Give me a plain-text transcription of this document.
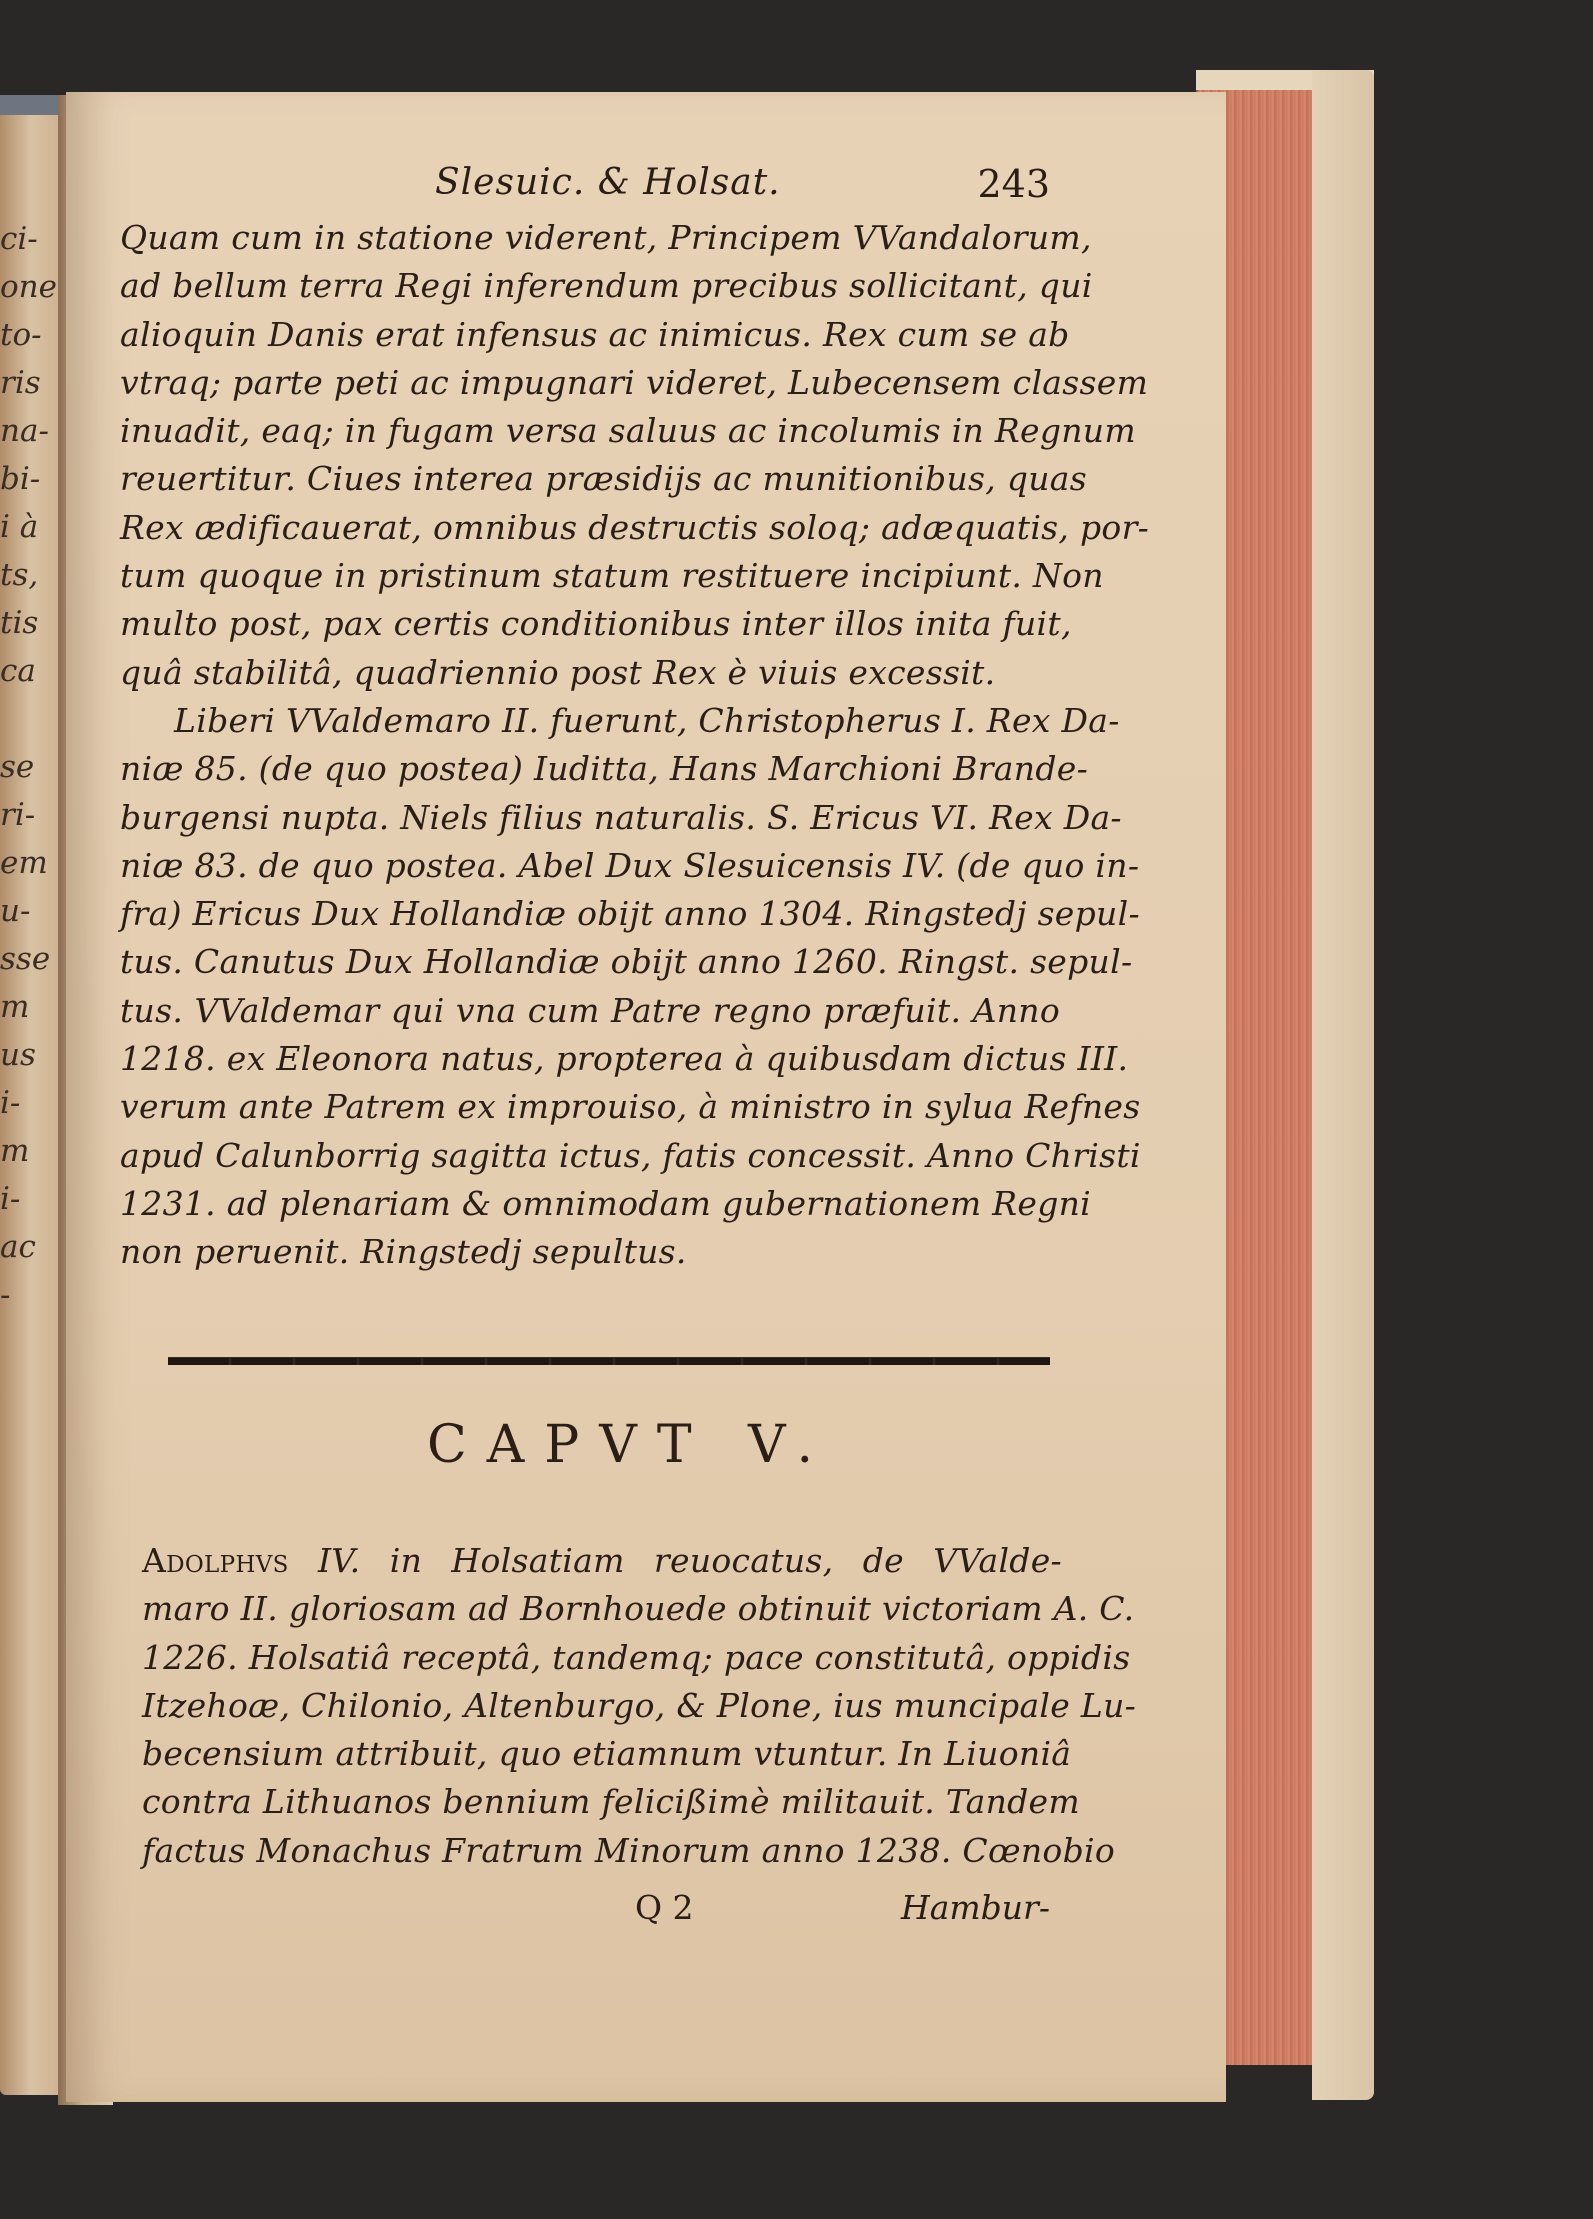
ci-
one
to-
ris
na-
bi-
i à
ts,
tis
ca
se
ri-
em
u-
sse
m
us
i-
m
i-
ac
-
Slesuic. & Holsat.	243
Quam cum in statione viderent, Principem VVandalorum,
ad bellum terra Regi inferendum precibus sollicitant, qui
alioquin Danis erat infensus ac inimicus. Rex cum se ab
vtraq; parte peti ac impugnari videret, Lubecensem classem
inuadit, eaq; in fugam versa saluus ac incolumis in Regnum
reuertitur. Ciues interea præsidijs ac munitionibus, quas
Rex ædificauerat, omnibus destructis soloq; adæquatis, por-
tum quoque in pristinum statum restituere incipiunt. Non
multo post, pax certis conditionibus inter illos inita fuit,
quâ stabilitâ, quadriennio post Rex è viuis excessit.
Liberi VValdemaro II. fuerunt, Christopherus I. Rex Da-
niæ 85. (de quo postea) Iuditta, Hans Marchioni Brande-
burgensi nupta. Niels filius naturalis. S. Ericus VI. Rex Da-
niæ 83. de quo postea. Abel Dux Slesuicensis IV. (de quo in-
fra) Ericus Dux Hollandiæ obijt anno 1304. Ringstedj sepul-
tus. Canutus Dux Hollandiæ obijt anno 1260. Ringst. sepul-
tus. VValdemar qui vna cum Patre regno præfuit. Anno
1218. ex Eleonora natus, propterea à quibusdam dictus III.
verum ante Patrem ex improuiso, à ministro in sylua Refnes
apud Calunborrig sagitta ictus, fatis concessit. Anno Christi
1231. ad plenariam & omnimodam gubernationem Regni
non peruenit. Ringstedj sepultus.
CAPVT V.
Adolphvs IV. in Holsatiam reuocatus, de VValde-
maro II. gloriosam ad Bornhouede obtinuit victoriam A. C.
1226. Holsatiâ receptâ, tandemq; pace constitutâ, oppidis
Itzehoæ, Chilonio, Altenburgo, & Plone, ius muncipale Lu-
becensium attribuit, quo etiamnum vtuntur. In Liuoniâ
contra Lithuanos bennium felicißimè militauit. Tandem
factus Monachus Fratrum Minorum anno 1238. Cœnobio
Q 2	Hambur-
